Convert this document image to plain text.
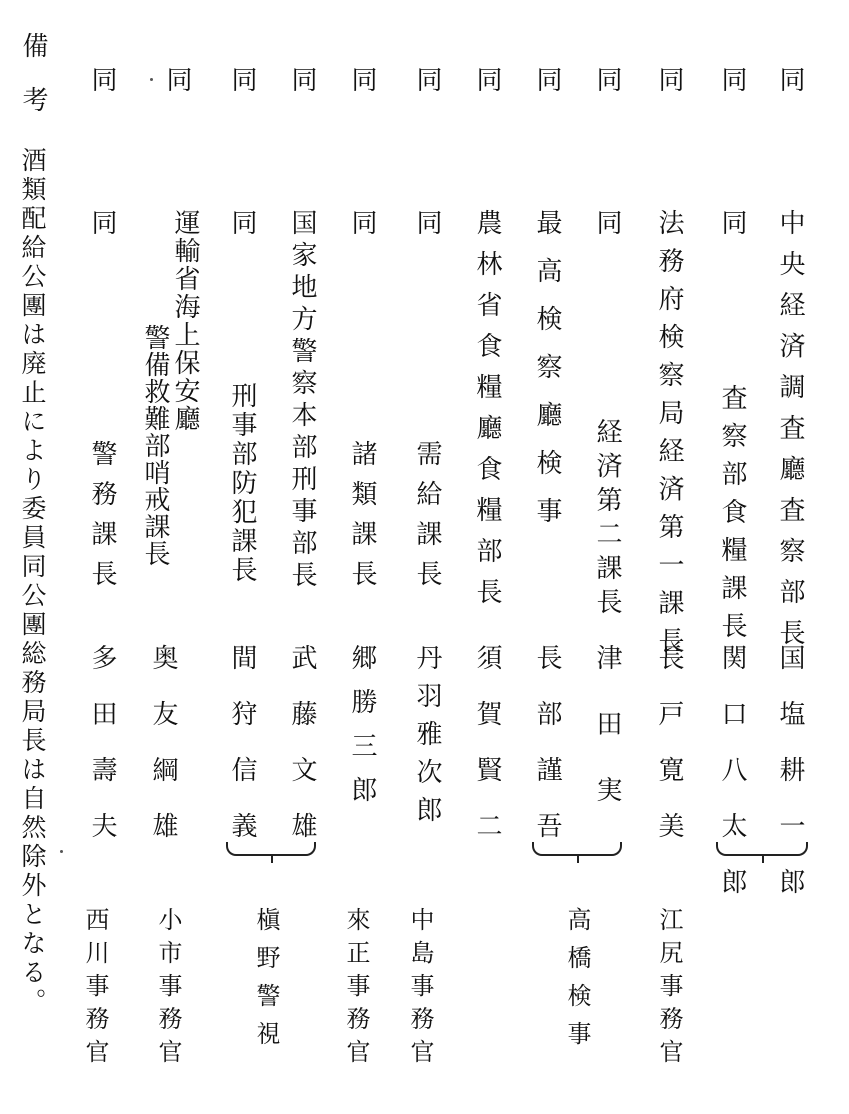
同
中央経済調査廳査察部長
国塩耕一郎
同
同
査察部食糧課長
関口八太郎
同
法務府検察局経済第一課長
長戸寛美
同
同
経済第二課長
津田実
同
最高検察廳検事
長部謹吾
同
農林省食糧廳食糧部長
須賀賢二
同
同
需給課長
丹羽雅次郎
同
同
諸類課長
郷勝三郎
同
国家地方警察本部刑事部長
武藤文雄
同
同
刑事部防犯課長
間狩信義
同
運輸省海上保安廳
警備救難部哨戒課長
奥友綱雄
同
同
警務課長
多田壽夫
江尻事務官
高橋検事
中島事務官
來正事務官
槇野警視
小市事務官
西川事務官
備考
酒類配給公團は廃止により委員同公團総務局長は自然除外となる。
